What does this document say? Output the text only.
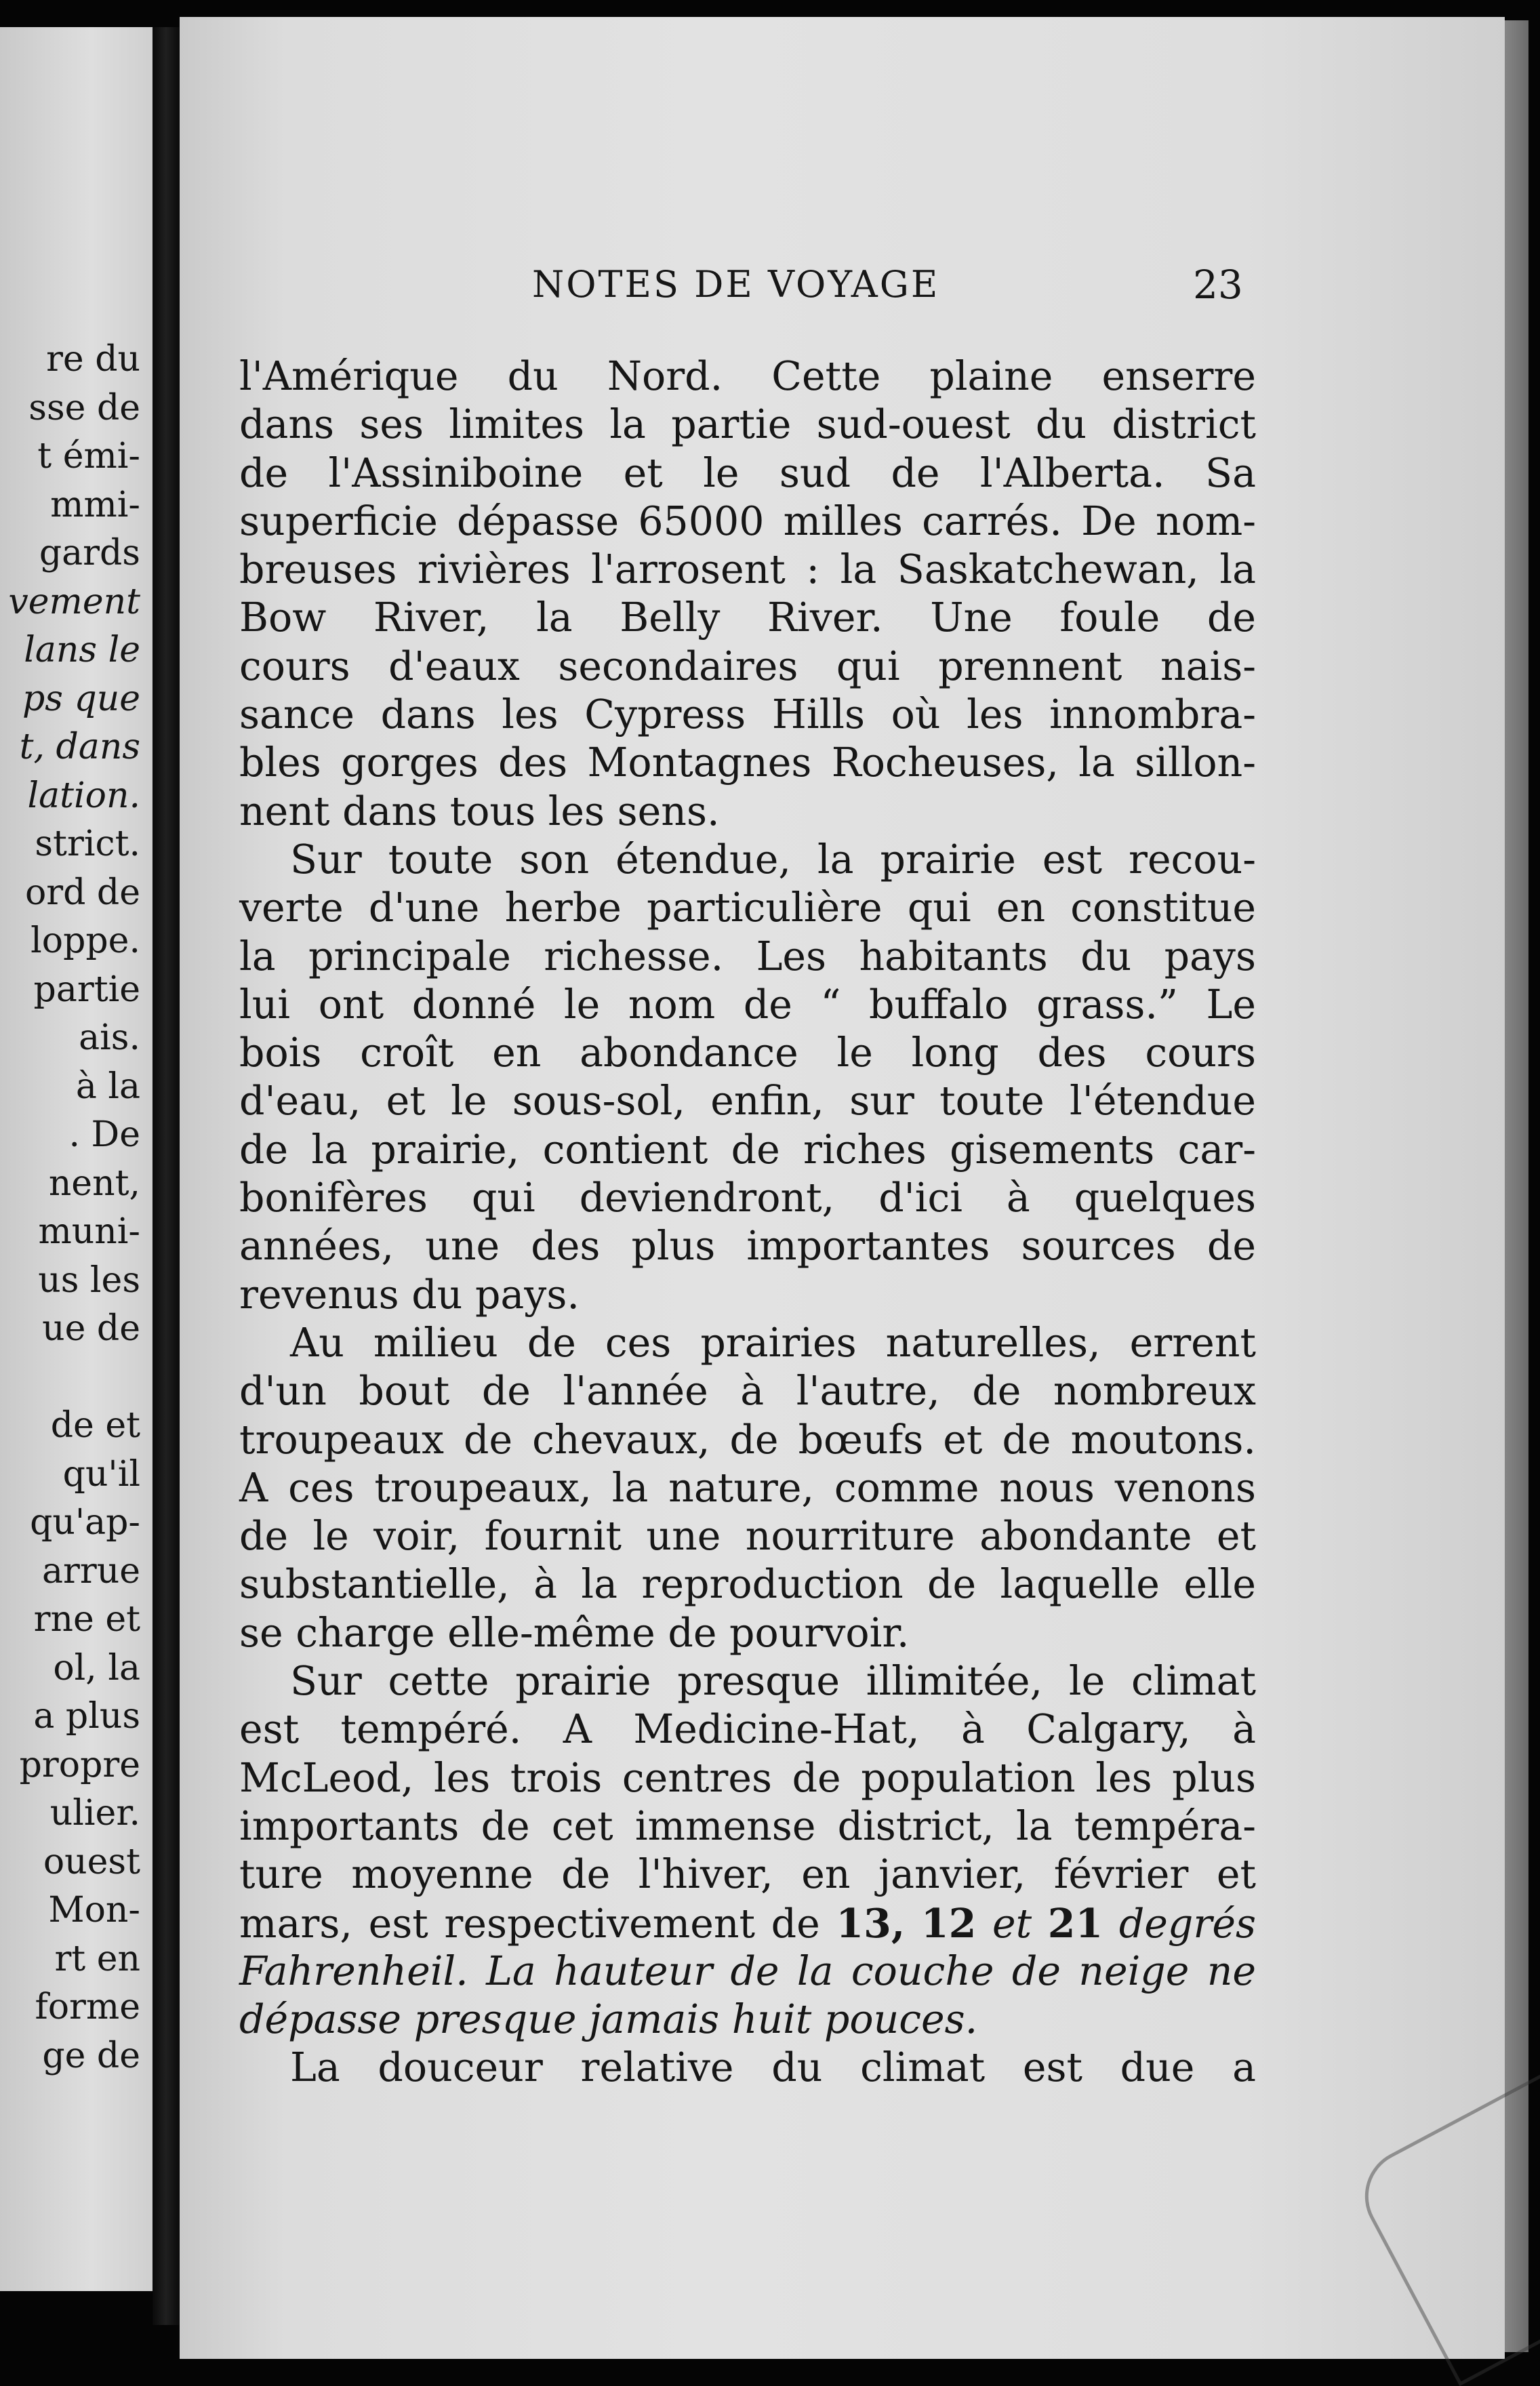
re du
sse de
t émi-
mmi-
gards
vement
lans le
ps que
t, dans
lation.
strict.
ord de
loppe.
partie
ais.
à la
. De
nent,
muni-
us les
ue de
de et
qu'il
qu'ap-
arrue
rne et
ol, la
a plus
propre
ulier.
ouest
Mon-
rt en
forme
ge de
NOTES DE VOYAGE	23
l'Amérique du Nord. Cette plaine enserre
dans ses limites la partie sud-ouest du district
de l'Assiniboine et le sud de l'Alberta. Sa
superficie dépasse 65000 milles carrés. De nom-
breuses rivières l'arrosent : la Saskatchewan, la
Bow River, la Belly River. Une foule de
cours d'eaux secondaires qui prennent nais-
sance dans les Cypress Hills où les innombra-
bles gorges des Montagnes Rocheuses, la sillon-
nent dans tous les sens.
Sur toute son étendue, la prairie est recou-
verte d'une herbe particulière qui en constitue
la principale richesse. Les habitants du pays
lui ont donné le nom de “ buffalo grass.” Le
bois croît en abondance le long des cours
d'eau, et le sous-sol, enfin, sur toute l'étendue
de la prairie, contient de riches gisements car-
bonifères qui deviendront, d'ici à quelques
années, une des plus importantes sources de
revenus du pays.
Au milieu de ces prairies naturelles, errent
d'un bout de l'année à l'autre, de nombreux
troupeaux de chevaux, de bœufs et de moutons.
A ces troupeaux, la nature, comme nous venons
de le voir, fournit une nourriture abondante et
substantielle, à la reproduction de laquelle elle
se charge elle-même de pourvoir.
Sur cette prairie presque illimitée, le climat
est tempéré. A Medicine-Hat, à Calgary, à
McLeod, les trois centres de population les plus
importants de cet immense district, la tempéra-
ture moyenne de l'hiver, en janvier, février et
mars, est respectivement de 13, 12 et 21 degrés
Fahrenheil. La hauteur de la couche de neige ne
dépasse presque jamais huit pouces.
La douceur relative du climat est due a
